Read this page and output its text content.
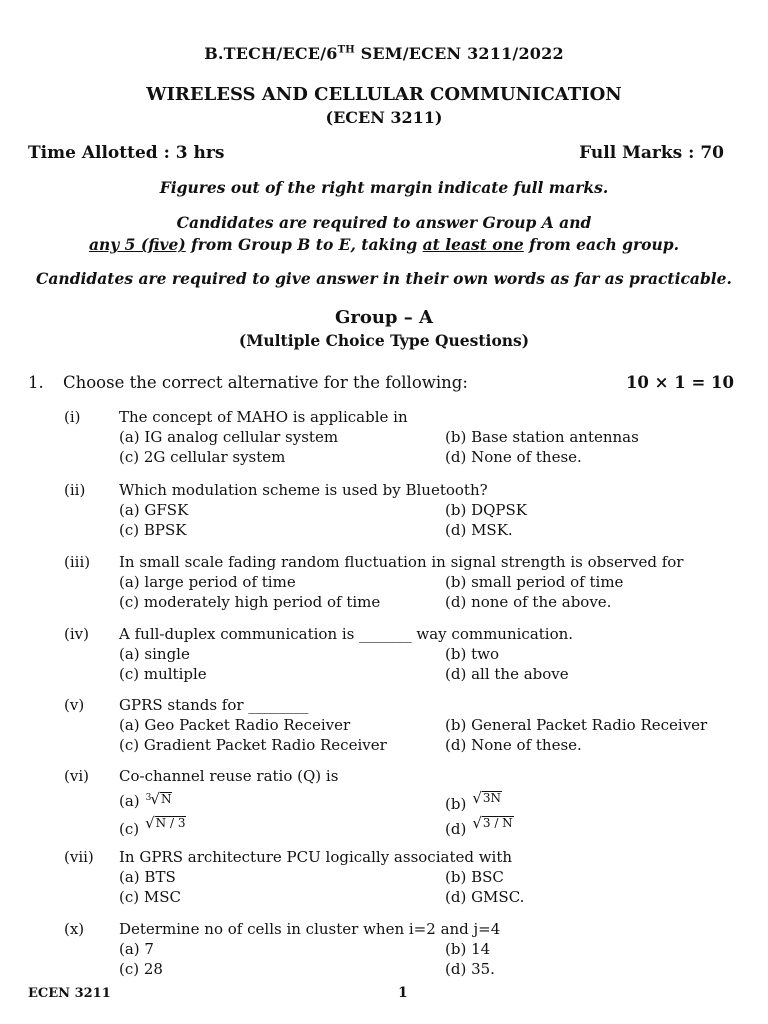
B.TECH/ECE/6TH SEM/ECEN 3211/2022
WIRELESS AND CELLULAR COMMUNICATION
(ECEN 3211)
Time Allotted : 3 hrs	Full Marks : 70
Figures out of the right margin indicate full marks.
Candidates are required to answer Group A and
any 5 (five) from Group B to E, taking at least one from each group.
Candidates are required to give answer in their own words as far as practicable.
Group – A
(Multiple Choice Type Questions)
1. Choose the correct alternative for the following:	10 × 1 = 10
(i)	The concept of MAHO is applicable in
(a) IG analog cellular system	(b) Base station antennas
(c) 2G cellular system	(d) None of these.
(ii) Which modulation scheme is used by Bluetooth?
(a) GFSK	(b) DQPSK
(c) BPSK	(d) MSK.
(iii) In small scale fading random fluctuation in signal strength is observed for
(a) large period of time	(b) small period of time
(c) moderately high period of time	(d) none of the above.
(iv) A full-duplex communication is _______ way communication.
(a) single	(b) two
(c) multiple	(d) all the above
(v) GPRS stands for ________
(a) Geo Packet Radio Receiver	(b) General Packet Radio Receiver
(c) Gradient Packet Radio Receiver	(d) None of these.
(vi) Co-channel reuse ratio (Q) is
(a) 3 √ N	(b) √ 3N
(c) √ N / 3	(d) √ 3 / N
(vii) In GPRS architecture PCU logically associated with
(a) BTS	(b) BSC
(c) MSC	(d) GMSC.
(x) Determine no of cells in cluster when i=2 and j=4
(a) 7	(b) 14
(c) 28	(d) 35.
ECEN 3211	1
